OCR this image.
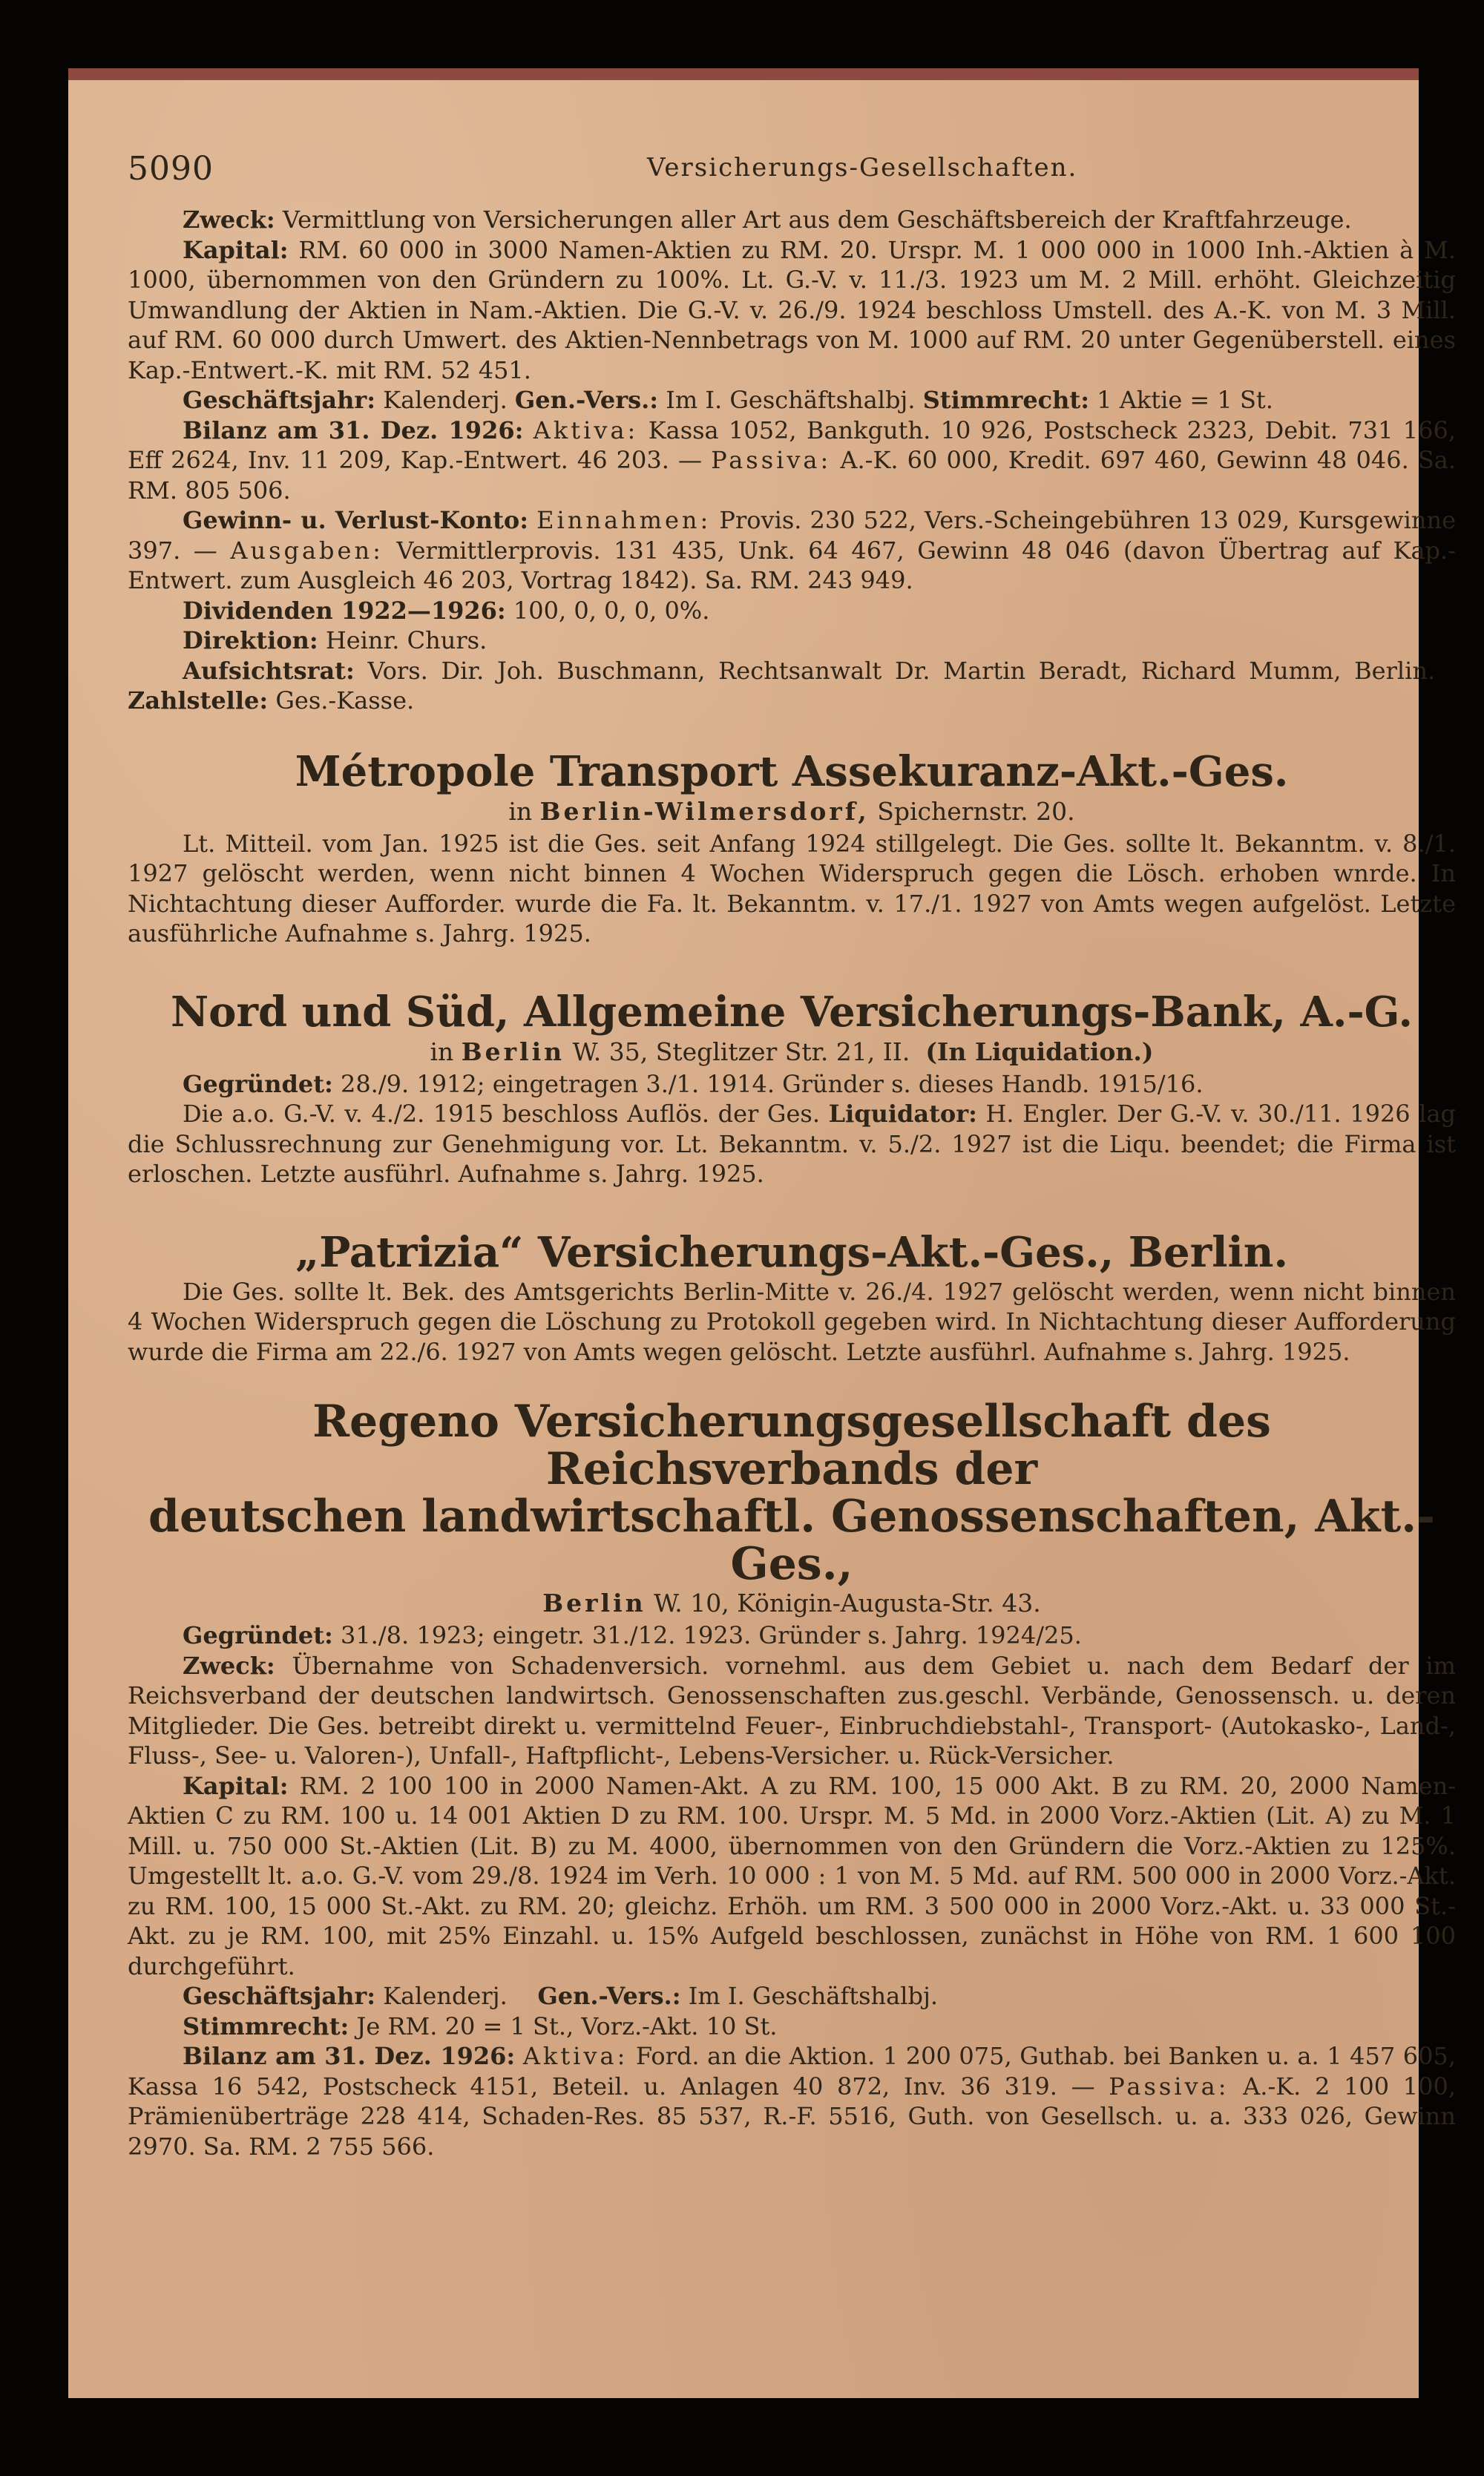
5090	Versicherungs-Gesellschaften.

Zweck: Vermittlung von Versicherungen aller Art aus dem Geschäftsbereich der Kraftfahrzeuge.

Kapital: RM. 60 000 in 3000 Namen-Aktien zu RM. 20. Urspr. M. 1 000 000 in 1000 Inh.-Aktien à M. 1000, übernommen von den Gründern zu 100%. Lt. G.-V. v. 11./3. 1923 um M. 2 Mill. erhöht. Gleichzeitig Umwandlung der Aktien in Nam.-Aktien. Die G.-V. v. 26./9. 1924 beschloss Umstell. des A.-K. von M. 3 Mill. auf RM. 60 000 durch Umwert. des Aktien-Nennbetrags von M. 1000 auf RM. 20 unter Gegenüberstell. eines Kap.-Entwert.-K. mit RM. 52 451.

Geschäftsjahr: Kalenderj. Gen.-Vers.: Im I. Geschäftshalbj. Stimmrecht: 1 Aktie = 1 St.

Bilanz am 31. Dez. 1926: Aktiva: Kassa 1052, Bankguth. 10 926, Postscheck 2323, Debit. 731 166, Eff 2624, Inv. 11 209, Kap.-Entwert. 46 203. — Passiva: A.-K. 60 000, Kredit. 697 460, Gewinn 48 046. Sa. RM. 805 506.

Gewinn- u. Verlust-Konto: Einnahmen: Provis. 230 522, Vers.-Scheingebühren 13 029, Kursgewinne 397. — Ausgaben: Vermittlerprovis. 131 435, Unk. 64 467, Gewinn 48 046 (davon Übertrag auf Kap.-Entwert. zum Ausgleich 46 203, Vortrag 1842). Sa. RM. 243 949.

Dividenden 1922—1926: 100, 0, 0, 0, 0%.

Direktion: Heinr. Churs.

Aufsichtsrat: Vors. Dir. Joh. Buschmann, Rechtsanwalt Dr. Martin Beradt, Richard Mumm, Berlin.   Zahlstelle: Ges.-Kasse.

Métropole Transport Assekuranz-Akt.-Ges.

in Berlin-Wilmersdorf, Spichernstr. 20.

Lt. Mitteil. vom Jan. 1925 ist die Ges. seit Anfang 1924 stillgelegt. Die Ges. sollte lt. Bekanntm. v. 8./1. 1927 gelöscht werden, wenn nicht binnen 4 Wochen Widerspruch gegen die Lösch. erhoben wnrde. In Nichtachtung dieser Aufforder. wurde die Fa. lt. Bekanntm. v. 17./1. 1927 von Amts wegen aufgelöst. Letzte ausführliche Aufnahme s. Jahrg. 1925.

Nord und Süd, Allgemeine Versicherungs-Bank, A.-G.

in Berlin W. 35, Steglitzer Str. 21, II. (In Liquidation.)

Gegründet: 28./9. 1912; eingetragen 3./1. 1914. Gründer s. dieses Handb. 1915/16.

Die a.o. G.-V. v. 4./2. 1915 beschloss Auflös. der Ges. Liquidator: H. Engler. Der G.-V. v. 30./11. 1926 lag die Schlussrechnung zur Genehmigung vor. Lt. Bekanntm. v. 5./2. 1927 ist die Liqu. beendet; die Firma ist erloschen. Letzte ausführl. Aufnahme s. Jahrg. 1925.

„Patrizia“ Versicherungs-Akt.-Ges., Berlin.

Die Ges. sollte lt. Bek. des Amtsgerichts Berlin-Mitte v. 26./4. 1927 gelöscht werden, wenn nicht binnen 4 Wochen Widerspruch gegen die Löschung zu Protokoll gegeben wird. In Nichtachtung dieser Aufforderung wurde die Firma am 22./6. 1927 von Amts wegen gelöscht. Letzte ausführl. Aufnahme s. Jahrg. 1925.

Regeno Versicherungsgesellschaft des Reichsverbands der
deutschen landwirtschaftl. Genossenschaften, Akt.-Ges.,

Berlin W. 10, Königin-Augusta-Str. 43.

Gegründet: 31./8. 1923; eingetr. 31./12. 1923. Gründer s. Jahrg. 1924/25.

Zweck: Übernahme von Schadenversich. vornehml. aus dem Gebiet u. nach dem Bedarf der im Reichsverband der deutschen landwirtsch. Genossenschaften zus.geschl. Verbände, Genossensch. u. deren Mitglieder. Die Ges. betreibt direkt u. vermittelnd Feuer-, Einbruchdiebstahl-, Transport- (Autokasko-, Land-, Fluss-, See- u. Valoren-), Unfall-, Haftpflicht-, Lebens-Versicher. u. Rück-Versicher.

Kapital: RM. 2 100 100 in 2000 Namen-Akt. A zu RM. 100, 15 000 Akt. B zu RM. 20, 2000 Namen-Aktien C zu RM. 100 u. 14 001 Aktien D zu RM. 100. Urspr. M. 5 Md. in 2000 Vorz.-Aktien (Lit. A) zu M. 1 Mill. u. 750 000 St.-Aktien (Lit. B) zu M. 4000, übernommen von den Gründern die Vorz.-Aktien zu 125%. Umgestellt lt. a.o. G.-V. vom 29./8. 1924 im Verh. 10 000 : 1 von M. 5 Md. auf RM. 500 000 in 2000 Vorz.-Akt. zu RM. 100, 15 000 St.-Akt. zu RM. 20; gleichz. Erhöh. um RM. 3 500 000 in 2000 Vorz.-Akt. u. 33 000 St.-Akt. zu je RM. 100, mit 25% Einzahl. u. 15% Aufgeld beschlossen, zunächst in Höhe von RM. 1 600 100 durchgeführt.

Geschäftsjahr: Kalenderj. Gen.-Vers.: Im I. Geschäftshalbj.

Stimmrecht: Je RM. 20 = 1 St., Vorz.-Akt. 10 St.

Bilanz am 31. Dez. 1926: Aktiva: Ford. an die Aktion. 1 200 075, Guthab. bei Banken u. a. 1 457 605, Kassa 16 542, Postscheck 4151, Beteil. u. Anlagen 40 872, Inv. 36 319. — Passiva: A.-K. 2 100 100, Prämienüberträge 228 414, Schaden-Res. 85 537, R.-F. 5516, Guth. von Gesellsch. u. a. 333 026, Gewinn 2970. Sa. RM. 2 755 566.
